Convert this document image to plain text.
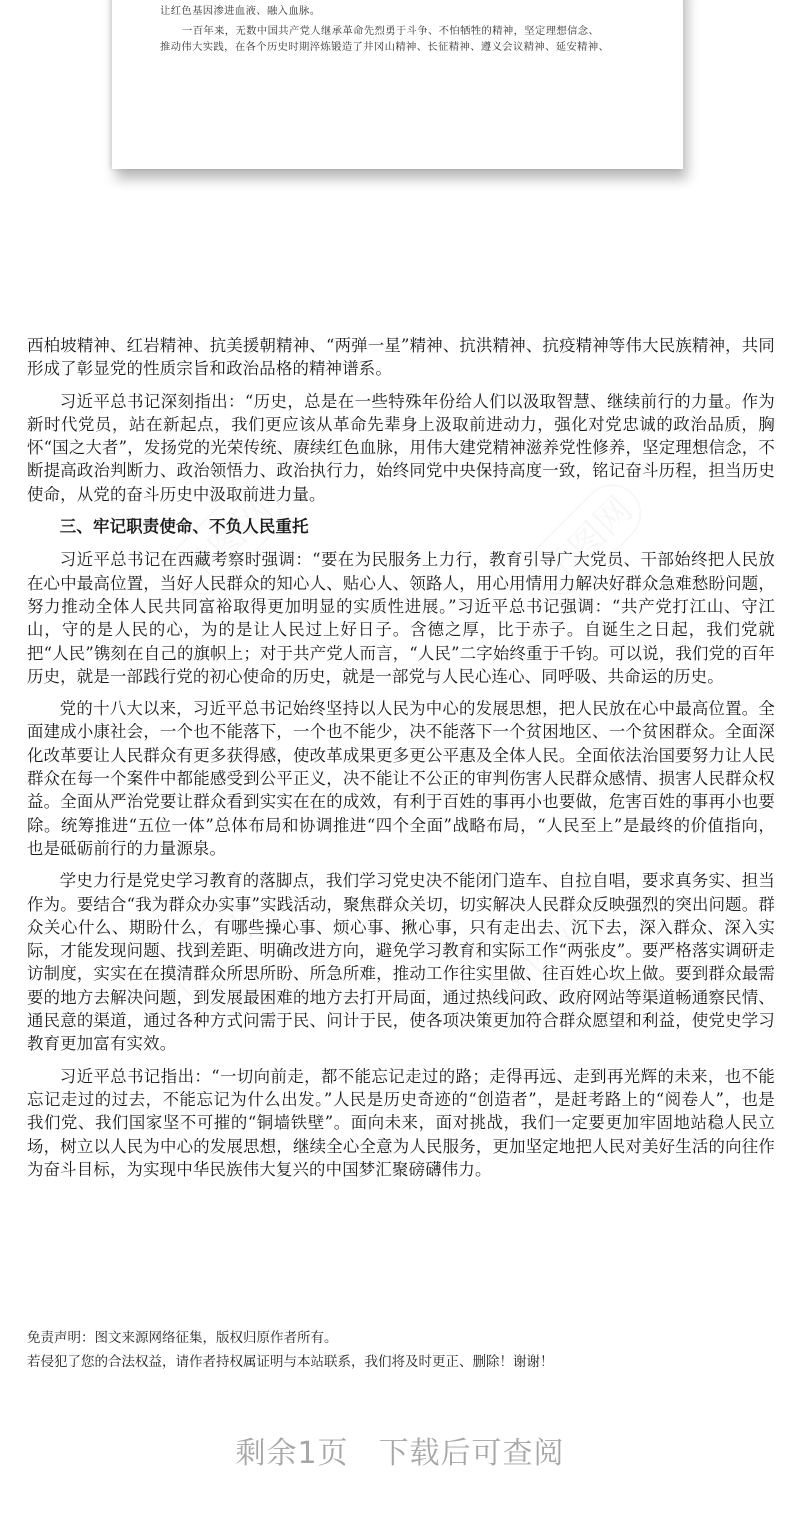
让红色基因渗进血液、融入血脉。
一百年来，无数中国共产党人继承革命先烈勇于斗争、不怕牺牲的精神，坚定理想信念、
推动伟大实践，在各个历史时期淬炼锻造了井冈山精神、长征精神、遵义会议精神、延安精神、

西柏坡精神、红岩精神、抗美援朝精神、“两弹一星”精神、抗洪精神、抗疫精神等伟大民族精神，共同形成了彰显党的性质宗旨和政治品格的精神谱系。

习近平总书记深刻指出：“历史，总是在一些特殊年份给人们以汲取智慧、继续前行的力量。作为新时代党员，站在新起点，我们更应该从革命先辈身上汲取前进动力，强化对党忠诚的政治品质，胸怀“国之大者”，发扬党的光荣传统、赓续红色血脉，用伟大建党精神滋养党性修养，坚定理想信念，不断提高政治判断力、政治领悟力、政治执行力，始终同党中央保持高度一致，铭记奋斗历程，担当历史使命，从党的奋斗历史中汲取前进力量。

三、牢记职责使命、不负人民重托

习近平总书记在西藏考察时强调：“要在为民服务上力行，教育引导广大党员、干部始终把人民放在心中最高位置，当好人民群众的知心人、贴心人、领路人，用心用情用力解决好群众急难愁盼问题，努力推动全体人民共同富裕取得更加明显的实质性进展。”习近平总书记强调：“共产党打江山、守江山，守的是人民的心，为的是让人民过上好日子。含德之厚，比于赤子。自诞生之日起，我们党就把“人民”镌刻在自己的旗帜上；对于共产党人而言，“人民”二字始终重于千钧。可以说，我们党的百年历史，就是一部践行党的初心使命的历史，就是一部党与人民心连心、同呼吸、共命运的历史。

党的十八大以来，习近平总书记始终坚持以人民为中心的发展思想，把人民放在心中最高位置。全面建成小康社会，一个也不能落下，一个也不能少，决不能落下一个贫困地区、一个贫困群众。全面深化改革要让人民群众有更多获得感，使改革成果更多更公平惠及全体人民。全面依法治国要努力让人民群众在每一个案件中都能感受到公平正义，决不能让不公正的审判伤害人民群众感情、损害人民群众权益。全面从严治党要让群众看到实实在在的成效，有利于百姓的事再小也要做，危害百姓的事再小也要除。统筹推进“五位一体”总体布局和协调推进“四个全面”战略布局，“人民至上”是最终的价值指向，也是砥砺前行的力量源泉。

学史力行是党史学习教育的落脚点，我们学习党史决不能闭门造车、自拉自唱，要求真务实、担当作为。要结合“我为群众办实事”实践活动，聚焦群众关切，切实解决人民群众反映强烈的突出问题。群众关心什么、期盼什么，有哪些操心事、烦心事、揪心事，只有走出去、沉下去，深入群众、深入实际，才能发现问题、找到差距、明确改进方向，避免学习教育和实际工作“两张皮”。要严格落实调研走访制度，实实在在摸清群众所思所盼、所急所难，推动工作往实里做、往百姓心坎上做。要到群众最需要的地方去解决问题，到发展最困难的地方去打开局面，通过热线问政、政府网站等渠道畅通察民情、通民意的渠道，通过各种方式问需于民、问计于民，使各项决策更加符合群众愿望和利益，使党史学习教育更加富有实效。

习近平总书记指出：“一切向前走，都不能忘记走过的路；走得再远、走到再光辉的未来，也不能忘记走过的过去，不能忘记为什么出发。”人民是历史奇迹的“创造者”，是赶考路上的“阅卷人”，也是我们党、我们国家坚不可摧的“铜墙铁壁”。面向未来，面对挑战，我们一定要更加牢固地站稳人民立场，树立以人民为中心的发展思想，继续全心全意为人民服务，更加坚定地把人民对美好生活的向往作为奋斗目标，为实现中华民族伟大复兴的中国梦汇聚磅礴伟力。

免责声明：图文来源网络征集，版权归原作者所有。
若侵犯了您的合法权益，请作者持权属证明与本站联系，我们将及时更正、删除！谢谢！
剩余1页 下载后可查阅
